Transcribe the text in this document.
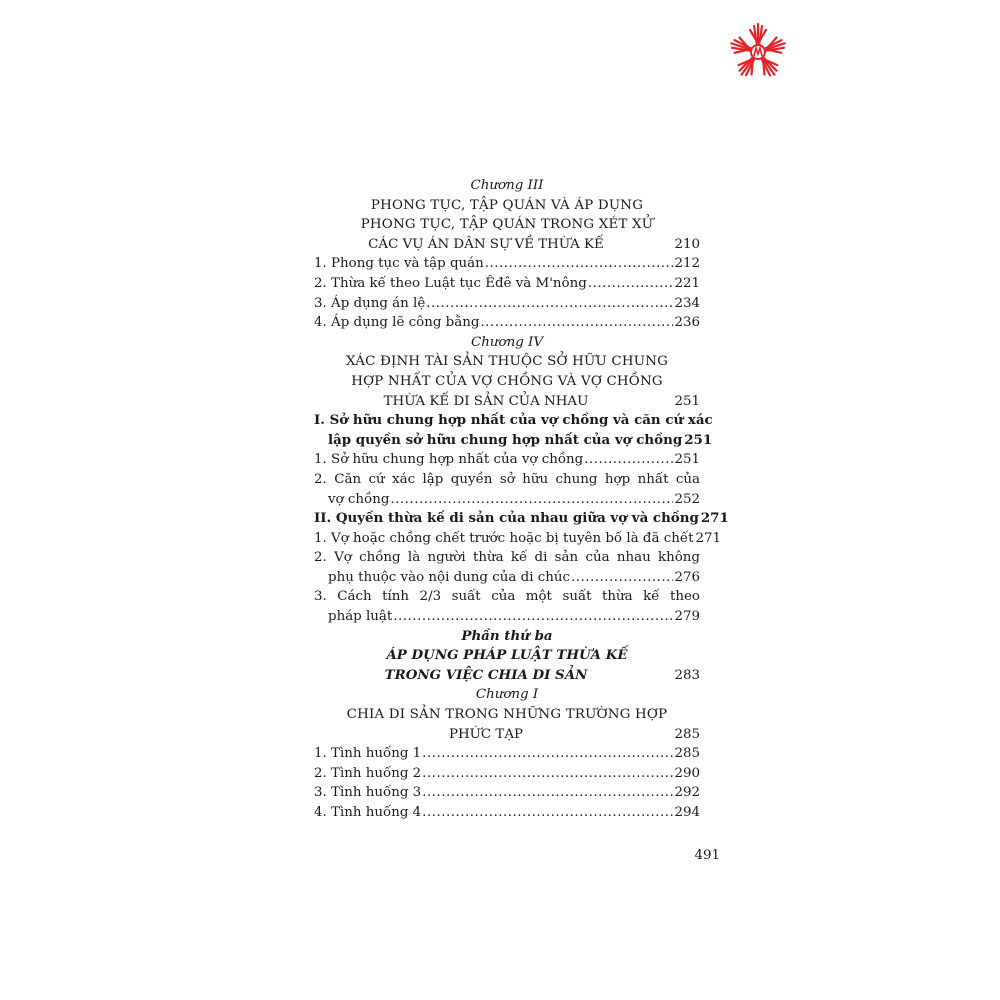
Chương III
PHONG TỤC, TẬP QUÁN VÀ ÁP DỤNG
PHONG TỤC, TẬP QUÁN TRONG XÉT XỬ
CÁC VỤ ÁN DÂN SỰ VỀ THỪA KẾ	210
1. Phong tục và tập quán .....	212
2. Thừa kế theo Luật tục Êđê và M'nông .....	221
3. Áp dụng án lệ .....	234
4. Áp dụng lẽ công bằng .....	236
Chương IV
XÁC ĐỊNH TÀI SẢN THUỘC SỞ HỮU CHUNG
HỢP NHẤT CỦA VỢ CHỒNG VÀ VỢ CHỒNG
THỪA KẾ DI SẢN CỦA NHAU	251
I. Sở hữu chung hợp nhất của vợ chồng và căn cứ xác
lập quyền sở hữu chung hợp nhất của vợ chồng 251
1. Sở hữu chung hợp nhất của vợ chồng .....	251
2. Căn cứ xác lập quyền sở hữu chung hợp nhất của
vợ chồng .....	252
II. Quyền thừa kế di sản của nhau giữa vợ và chồng 271
1. Vợ hoặc chồng chết trước hoặc bị tuyên bố là đã chết 271
2. Vợ chồng là người thừa kế di sản của nhau không
phụ thuộc vào nội dung của di chúc .....	276
3. Cách tính 2/3 suất của một suất thừa kế theo
pháp luật .....	279
Phần thứ ba
ÁP DỤNG PHÁP LUẬT THỪA KẾ
TRONG VIỆC CHIA DI SẢN	283
Chương I
CHIA DI SẢN TRONG NHỮNG TRƯỜNG HỢP
PHỨC TẠP	285
1. Tình huống 1 .....	285
2. Tình huống 2 .....	290
3. Tình huống 3 .....	292
4. Tình huống 4 .....	294
491
